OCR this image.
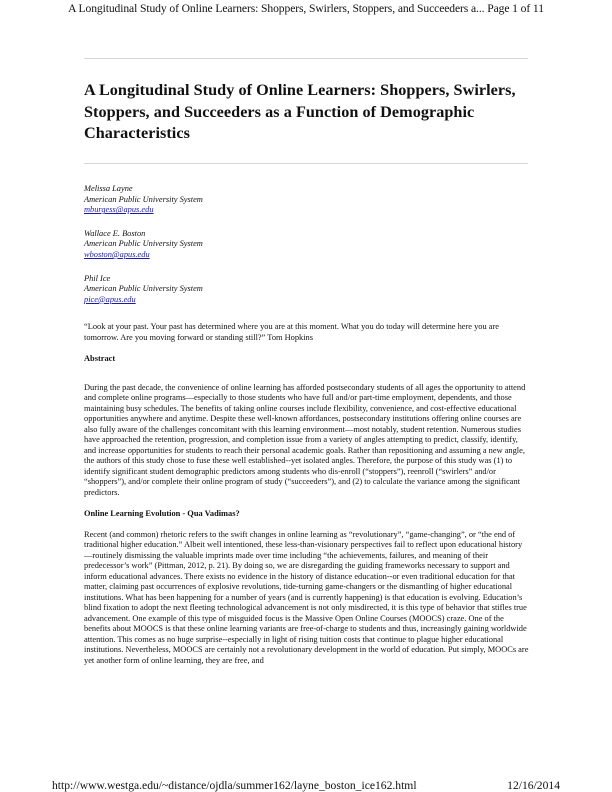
A Longitudinal Study of Online Learners: Shoppers, Swirlers, Stoppers, and Succeeders a... Page 1 of 11
A Longitudinal Study of Online Learners: Shoppers, Swirlers, Stoppers, and Succeeders as a Function of Demographic Characteristics
Melissa Layne
American Public University System
mburgess@apus.edu
Wallace E. Boston
American Public University System
wboston@apus.edu
Phil Ice
American Public University System
pice@apus.edu

“Look at your past. Your past has determined where you are at this moment. What you do today will determine here you are tomorrow. Are you moving forward or standing still?” Tom Hopkins

Abstract

During the past decade, the convenience of online learning has afforded postsecondary students of all ages the opportunity to attend and complete online programs—especially to those students who have full and/or part-time employment, dependents, and those maintaining busy schedules. The benefits of taking online courses include flexibility, convenience, and cost-effective educational opportunities anywhere and anytime. Despite these well-known affordances, postsecondary institutions offering online courses are also fully aware of the challenges concomitant with this learning environment—most notably, student retention. Numerous studies have approached the retention, progression, and completion issue from a variety of angles attempting to predict, classify, identify, and increase opportunities for students to reach their personal academic goals. Rather than repositioning and assuming a new angle, the authors of this study chose to fuse these well established--yet isolated angles. Therefore, the purpose of this study was (1) to identify significant student demographic predictors among students who dis-enroll (“stoppers”), reenroll (“swirlers” and/or “shoppers”), and/or complete their online program of study (“succeeders”), and (2) to calculate the variance among the significant predictors.

Online Learning Evolution - Qua Vadimas?

Recent (and common) rhetoric refers to the swift changes in online learning as “revolutionary”, “game-changing”, or “the end of traditional higher education.” Albeit well intentioned, these less-than-visionary perspectives fail to reflect upon educational history—routinely dismissing the valuable imprints made over time including “the achievements, failures, and meaning of their predecessor’s work” (Pittman, 2012, p. 21). By doing so, we are disregarding the guiding frameworks necessary to support and inform educational advances. There exists no evidence in the history of distance education--or even traditional education for that matter, claiming past occurrences of explosive revolutions, tide-turning game-changers or the dismantling of higher educational institutions. What has been happening for a number of years (and is currently happening) is that education is evolving. Education’s blind fixation to adopt the next fleeting technological advancement is not only misdirected, it is this type of behavior that stifles true advancement. One example of this type of misguided focus is the Massive Open Online Courses (MOOCS) craze. One of the benefits about MOOCS is that these online learning variants are free-of-charge to students and thus, increasingly gaining worldwide attention. This comes as no huge surprise--especially in light of rising tuition costs that continue to plague higher educational institutions. Nevertheless, MOOCS are certainly not a revolutionary development in the world of education. Put simply, MOOCs are yet another form of online learning, they are free, and

http://www.westga.edu/~distance/ojdla/summer162/layne_boston_ice162.html	12/16/2014
